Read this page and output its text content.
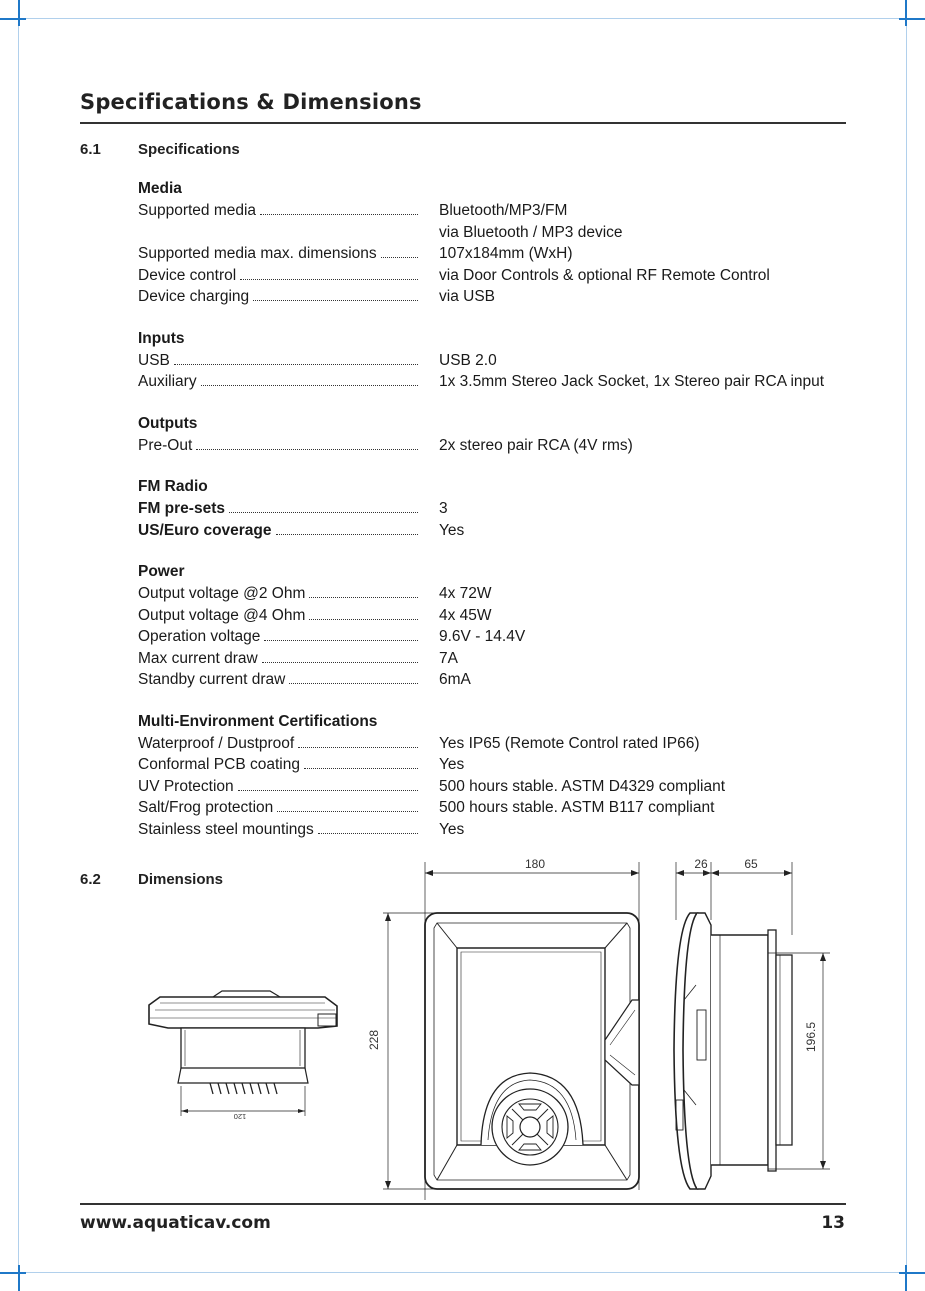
Specifications & Dimensions
6.1 Specifications
Media
Supported media	Bluetooth/MP3/FM
via Bluetooth / MP3 device
Supported media max. dimensions	107x184mm (WxH)
Device control	via Door Controls & optional RF Remote Control
Device charging	via USB
Inputs
USB	USB 2.0
Auxiliary	1x 3.5mm Stereo Jack Socket, 1x Stereo pair RCA input
Outputs
Pre-Out	2x stereo pair RCA (4V rms)
FM Radio
FM pre-sets	3
US/Euro coverage	Yes
Power
Output voltage @2 Ohm	4x 72W
Output voltage @4 Ohm	4x 45W
Operation voltage	9.6V - 14.4V
Max current draw	7A
Standby current draw	6mA
Multi-Environment Certifications
Waterproof / Dustproof	Yes IP65 (Remote Control rated IP66)
Conformal PCB coating	Yes
UV Protection	500 hours stable. ASTM D4329 compliant
Salt/Frog protection	500 hours stable. ASTM B117 compliant
Stainless steel mountings	Yes
6.2 Dimensions
120
180
228
26	65
196.5
www.aquaticav.com	13
